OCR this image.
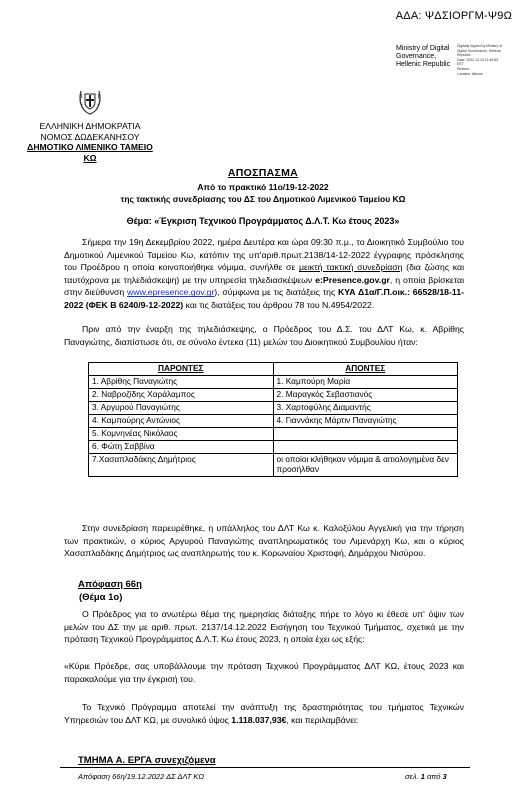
ΑΔΑ: ΨΔΣΙΟΡΓΜ-Ψ9Ω
Ministry of Digital
Governance,
Hellenic Republic
Digitally signed by Ministry of
Digital Governance, Hellenic
Republic
Date: 2022.12.19 11:46:55
EET
Reason:
Location: Athens
ΕΛΛΗΝΙΚΗ ΔΗΜΟΚΡΑΤΙΑ
ΝΟΜΟΣ ΔΩΔΕΚΑΝΗΣΟΥ
ΔΗΜΟΤΙΚΟ ΛΙΜΕΝΙΚΟ ΤΑΜΕΙΟ ΚΩ
ΑΠΟΣΠΑΣΜΑ
Από το πρακτικό 11ο/19-12-2022
της τακτικής συνεδρίασης του ΔΣ του Δημοτικού Λιμενικού Ταμείου ΚΩ
Θέμα: «Έγκριση Τεχνικού Προγράμματος Δ.Λ.Τ. Κω έτους 2023»
Σήμερα την 19η Δεκεμβρίου 2022, ημέρα Δευτέρα και ώρα 09:30 π.μ., το Διοικητικό Συμβούλιο του Δημοτικού Λιμενικού Ταμείου Κω, κατόπιν της υπ'αριθ.πρωτ.2138/14-12-2022 έγγραφης πρόσκλησης του Προέδρου η οποία κοινοποιήθηκε νόμιμα, συνήλθε σε μεικτή τακτική συνεδρίαση (δια ζώσης και ταυτόχρονα με τηλεδιάσκεψη) με την υπηρεσία τηλεδιασκέψεων e:Presence.gov.gr, η οποία βρίσκεται στην διεύθυνση www.epresence.gov.gr), σύμφωνα με τις διατάξεις της ΚΥΑ Δ1α/Γ.Π.οικ.: 66528/18-11-2022 (ΦΕΚ Β 6240/9-12-2022) και τις διατάξεις του άρθρου 78 του Ν.4954/2022.
Πριν από την έναρξη της τηλεδιάσκεψης, ο Πρόεδρος του Δ.Σ. του ΔΛΤ Κω, κ. Αβρίθης Παναγιώτης, διαπίστωσε ότι, σε σύνολο έντεκα (11) μελών του Διοικητικού Συμβουλίου ήταν:
ΠΑΡΟΝΤΕΣ	ΑΠΟΝΤΕΣ
1. Αβρίθης Παναγιώτης	1. Καμπούρη Μαρία
2. Ναβροζίδης Χαράλαμπος	2. Μαραγκός Σεβαστιανός
3. Αργυρού Παναγιώτης	3. Χαρτοφύλης Διαμαντής
4. Καμπούρης Αντώνιος	4. Γιαννάκης Μάρτιν Παναγιώτης
5. Κομνηνέας Νικόλαος	
6. Φώτη Σαββίνα	
7.Χασαπλαδάκης Δημήτριος	οι οποίοι κλήθηκαν νόμιμα & αιτιολογημένα δεν προσήλθαν
Στην συνεδρίαση παρευρέθηκε, η υπάλληλος του ΔΛΤ Κω κ. Καλοξύλου Αγγελική για την τήρηση των πρακτικών, ο κύριος Αργυρού Παναγιώτης αναπληρωματικός του Λιμενάρχη Κω, και ο κύριος Χασαπλαδάκης Δημήτριος ως αναπληρωτής του κ. Κορωναίου Χριστοφή, Δημάρχου Νισύρου.
Απόφαση 66η
(Θέμα 1ο)
Ο Πρόεδρος για το ανωτέρω θέμα της ημερησίας διάταξης πήρε το λόγο κι έθεσε υπ' όψιν των μελών του ΔΣ την με αριθ. πρωτ. 2137/14.12.2022 Εισήγηση του Τεχνικού Τμήματος, σχετικά με την πρόταση Τεχνικού Προγράμματος Δ.Λ.Τ. Κω έτους 2023, η οποία έχει ως εξής:
«Κύριε Πρόεδρε, σας υποβάλλουμε την πρόταση Τεχνικού Προγράμματος ΔΛΤ ΚΩ, έτους 2023 και παρακαλούμε για την έγκρισή του.
Το Τεχνικό Πρόγραμμα αποτελεί την ανάπτυξη της δραστηριότητας του τμήματος Τεχνικών Υπηρεσιών του ΔΛΤ ΚΩ, με συνολικό ύψος 1.118.037,93€, και περιλαμβάνει:
ΤΜΗΜΑ Α. ΕΡΓΑ συνεχιζόμενα
Απόφαση 66η/19.12.2022 ΔΣ ΔΛΤ ΚΩ	σελ. 1 από 3
